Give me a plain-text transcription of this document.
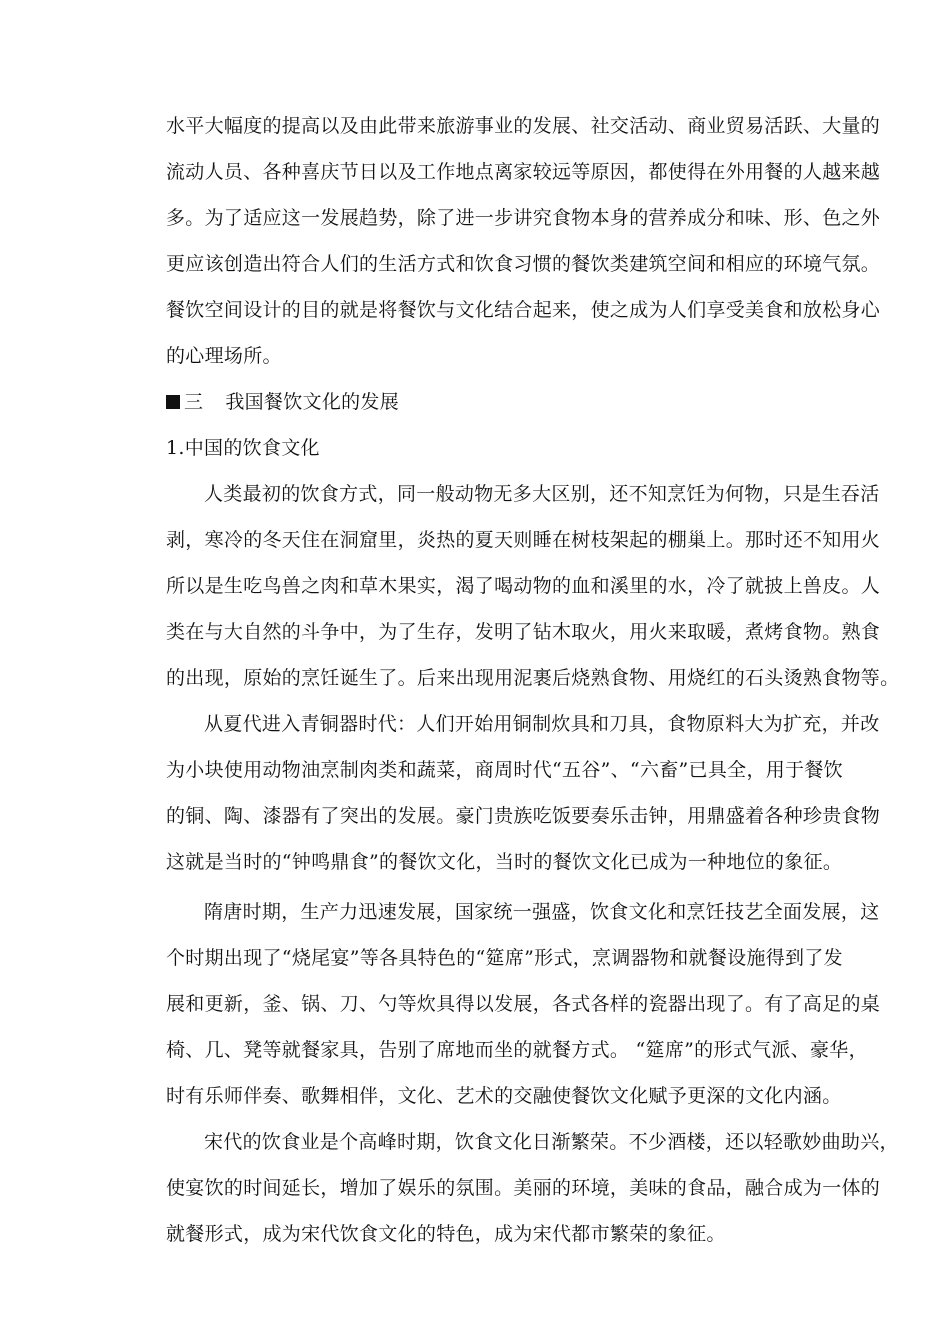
水平大幅度的提高以及由此带来旅游事业的发展、社交活动、商业贸易活跃、大量的
流动人员、各种喜庆节日以及工作地点离家较远等原因，都使得在外用餐的人越来越
多。为了适应这一发展趋势，除了进一步讲究食物本身的营养成分和味、形、色之外
更应该创造出符合人们的生活方式和饮食习惯的餐饮类建筑空间和相应的环境气氛。
餐饮空间设计的目的就是将餐饮与文化结合起来，使之成为人们享受美食和放松身心
的心理场所。
三 我国餐饮文化的发展
1.中国的饮食文化
人类最初的饮食方式，同一般动物无多大区别，还不知烹饪为何物，只是生吞活
剥，寒冷的冬天住在洞窟里，炎热的夏天则睡在树枝架起的棚巢上。那时还不知用火
所以是生吃鸟兽之肉和草木果实，渴了喝动物的血和溪里的水，冷了就披上兽皮。人
类在与大自然的斗争中，为了生存，发明了钻木取火，用火来取暖，煮烤食物。熟食
的出现，原始的烹饪诞生了。后来出现用泥裹后烧熟食物、用烧红的石头烫熟食物等。
从夏代进入青铜器时代：人们开始用铜制炊具和刀具，食物原料大为扩充，并改
为小块使用动物油烹制肉类和蔬菜，商周时代“五谷”、“六畜”已具全，用于餐饮
的铜、陶、漆器有了突出的发展。豪门贵族吃饭要奏乐击钟，用鼎盛着各种珍贵食物
这就是当时的“钟鸣鼎食”的餐饮文化，当时的餐饮文化已成为一种地位的象征。
隋唐时期，生产力迅速发展，国家统一强盛，饮食文化和烹饪技艺全面发展，这
个时期出现了“烧尾宴”等各具特色的“筵席”形式，烹调器物和就餐设施得到了发
展和更新，釜、锅、刀、勺等炊具得以发展，各式各样的瓷器出现了。有了高足的桌
椅、几、凳等就餐家具，告别了席地而坐的就餐方式。 “筵席”的形式气派、豪华，
时有乐师伴奏、歌舞相伴，文化、艺术的交融使餐饮文化赋予更深的文化内涵。
宋代的饮食业是个高峰时期，饮食文化日渐繁荣。不少酒楼，还以轻歌妙曲助兴，
使宴饮的时间延长，增加了娱乐的氛围。美丽的环境，美味的食品，融合成为一体的
就餐形式，成为宋代饮食文化的特色，成为宋代都市繁荣的象征。
